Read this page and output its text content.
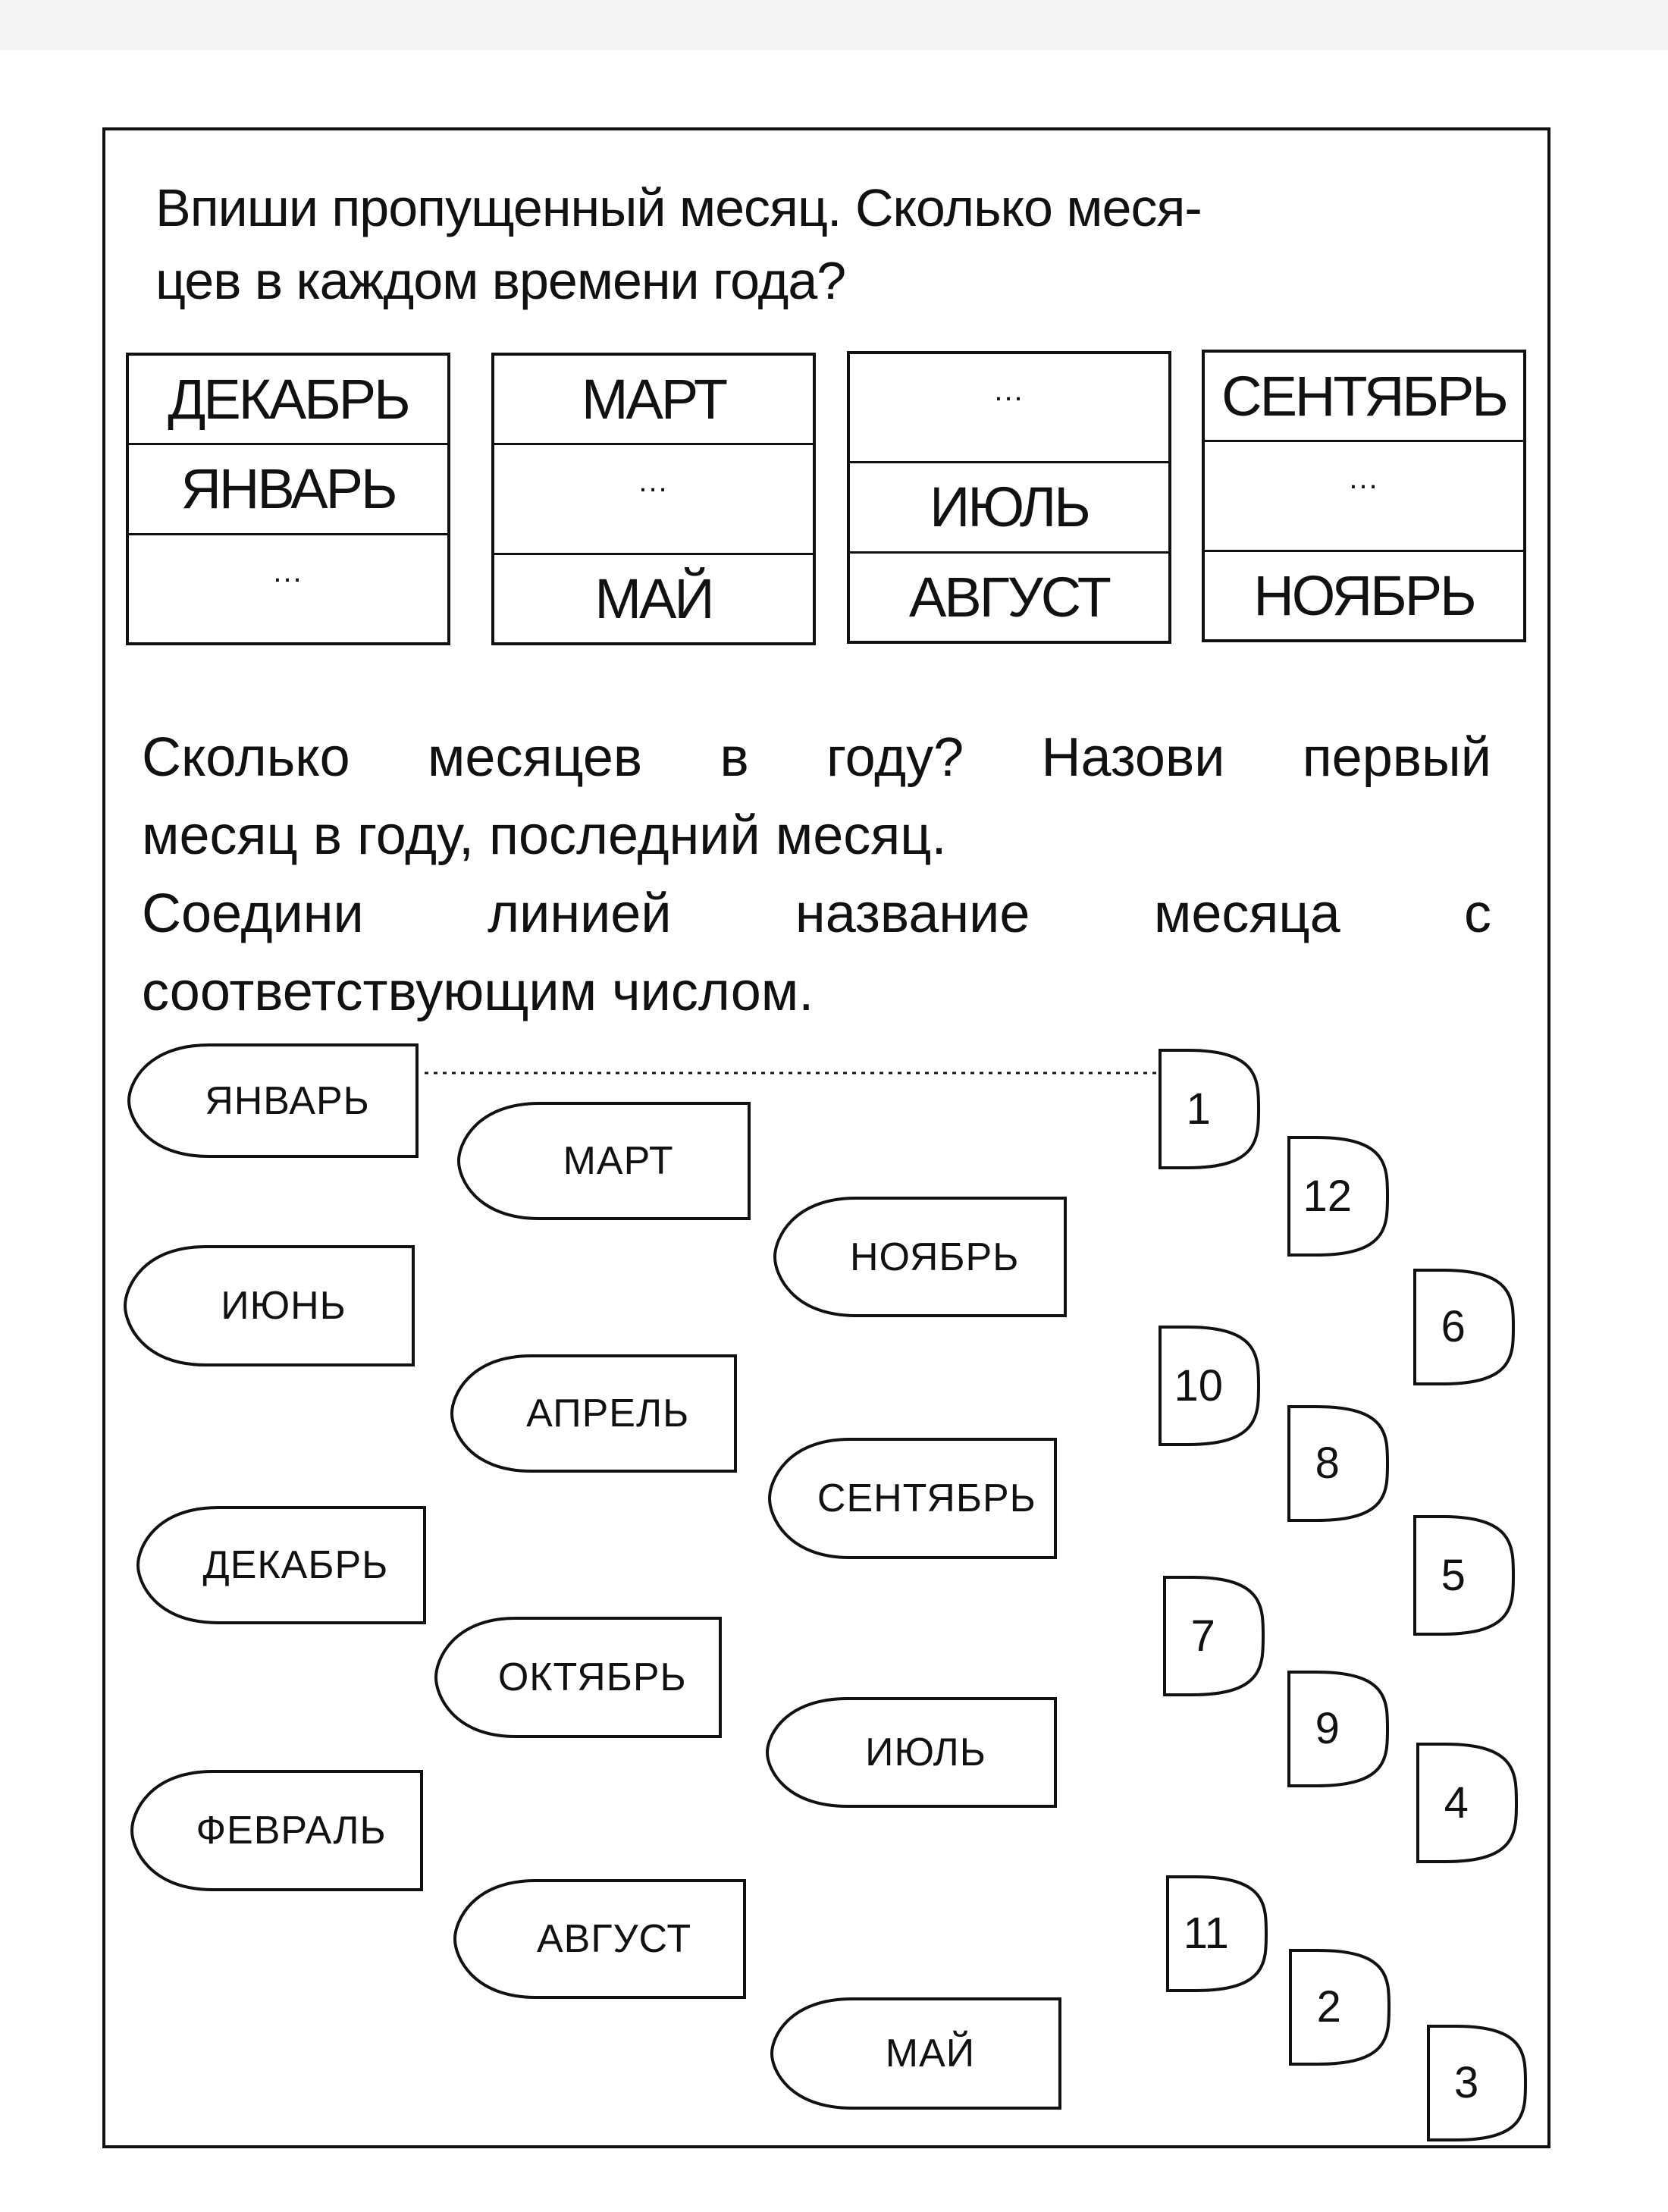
Впиши пропущенный месяц. Сколько меся-
цев в каждом времени года?
ДЕКАБРЬ
ЯНВАРЬ
...
МАРТ
...
МАЙ
...
ИЮЛЬ
АВГУСТ
СЕНТЯБРЬ
...
НОЯБРЬ

Сколько месяцев в году? Назови первый

месяц в году, последний месяц.

Соедини линией название месяца с

соответствующим числом.

ЯНВАРЬ
МАРТ
НОЯБРЬ
ИЮНЬ
АПРЕЛЬ
СЕНТЯБРЬ
ДЕКАБРЬ
ОКТЯБРЬ
ИЮЛЬ
ФЕВРАЛЬ
АВГУСТ
МАЙ
1
12
6
10
8
5
7
9
4
11
2
3
